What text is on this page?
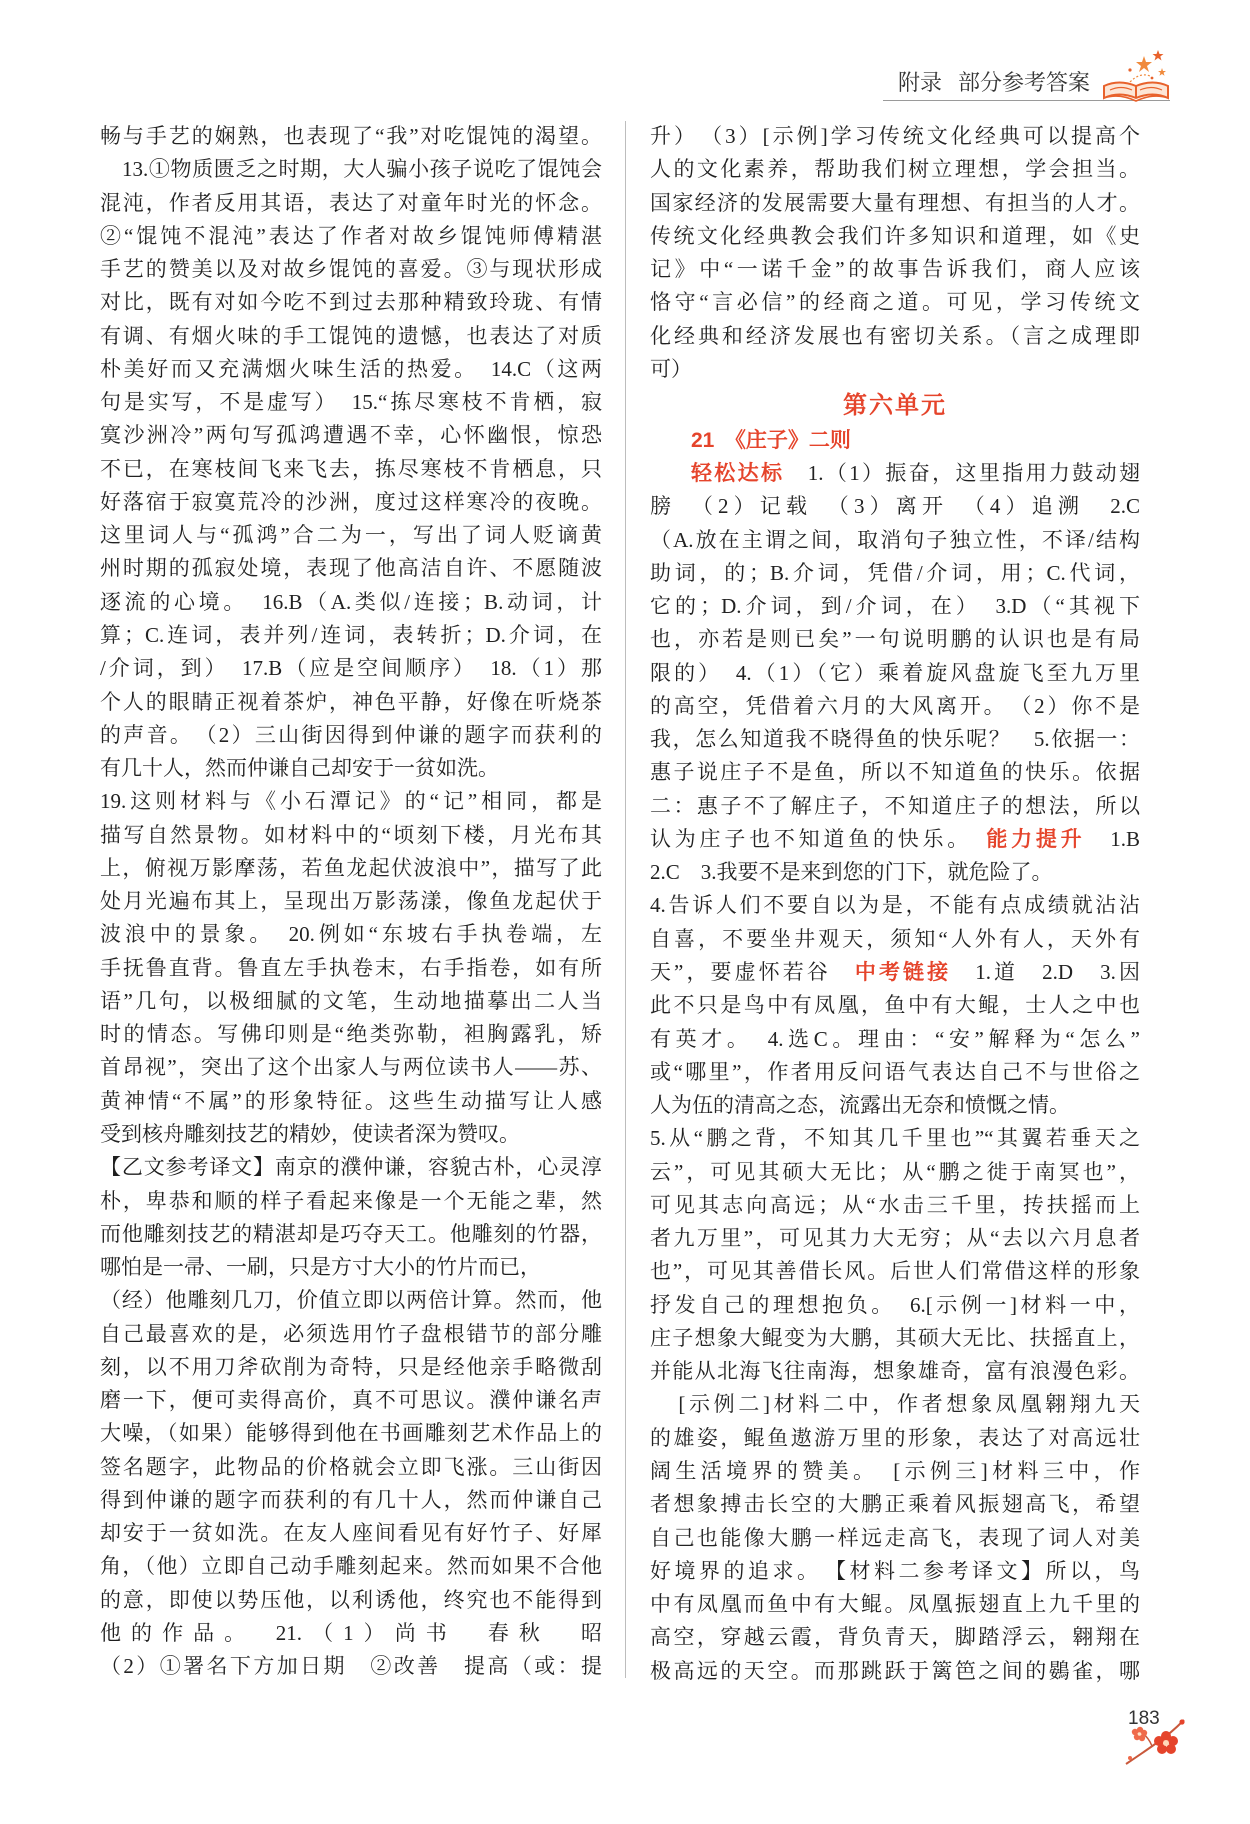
附录 部分参考答案
畅与手艺的娴熟，也表现了“我”对吃馄饨的渴望。
13.①物质匮乏之时期，大人骗小孩子说吃了馄饨会
混沌，作者反用其语，表达了对童年时光的怀念。
②“馄饨不混沌”表达了作者对故乡馄饨师傅精湛
手艺的赞美以及对故乡馄饨的喜爱。③与现状形成
对比，既有对如今吃不到过去那种精致玲珑、有情
有调、有烟火味的手工馄饨的遗憾，也表达了对质
朴美好而又充满烟火味生活的热爱。　14.C（这两
句是实写，不是虚写）　15.“拣尽寒枝不肯栖，寂
寞沙洲冷”两句写孤鸿遭遇不幸，心怀幽恨，惊恐
不已，在寒枝间飞来飞去，拣尽寒枝不肯栖息，只
好落宿于寂寞荒冷的沙洲，度过这样寒冷的夜晚。
这里词人与“孤鸿”合二为一，写出了词人贬谪黄
州时期的孤寂处境，表现了他高洁自许、不愿随波
逐流的心境。　16.B（A.类似/连接；B.动词，计
算；C.连词，表并列/连词，表转折；D.介词，在
/介词，到）　17.B（应是空间顺序）　18.（1）那
个人的眼睛正视着茶炉，神色平静，好像在听烧茶
的声音。　（2）三山街因得到仲谦的题字而获利的
有几十人，然而仲谦自己却安于一贫如洗。
19.这则材料与《小石潭记》的“记”相同，都是
描写自然景物。如材料中的“顷刻下楼，月光布其
上，俯视万影摩荡，若鱼龙起伏波浪中”，描写了此
处月光遍布其上，呈现出万影荡漾，像鱼龙起伏于
波浪中的景象。　20.例如“东坡右手执卷端，左
手抚鲁直背。鲁直左手执卷末，右手指卷，如有所
语”几句，以极细腻的文笔，生动地描摹出二人当
时的情态。写佛印则是“绝类弥勒，袒胸露乳，矫
首昂视”，突出了这个出家人与两位读书人——苏、
黄神情“不属”的形象特征。这些生动描写让人感
受到核舟雕刻技艺的精妙，使读者深为赞叹。
【乙文参考译文】南京的濮仲谦，容貌古朴，心灵淳
朴，卑恭和顺的样子看起来像是一个无能之辈，然
而他雕刻技艺的精湛却是巧夺天工。他雕刻的竹器，
哪怕是一帚、一刷，只是方寸大小的竹片而已，
（经）他雕刻几刀，价值立即以两倍计算。然而，他
自己最喜欢的是，必须选用竹子盘根错节的部分雕
刻，以不用刀斧砍削为奇特，只是经他亲手略微刮
磨一下，便可卖得高价，真不可思议。濮仲谦名声
大噪，（如果）能够得到他在书画雕刻艺术作品上的
签名题字，此物品的价格就会立即飞涨。三山街因
得到仲谦的题字而获利的有几十人，然而仲谦自己
却安于一贫如洗。在友人座间看见有好竹子、好犀
角，（他）立即自己动手雕刻起来。然而如果不合他
的意，即使以势压他，以利诱他，终究也不能得到
他的作品。　21.（1）尚书　春秋　昭
（2）①署名下方加日期　②改善　提高（或：提
升）　（3）[示例]学习传统文化经典可以提高个
人的文化素养，帮助我们树立理想，学会担当。
国家经济的发展需要大量有理想、有担当的人才。
传统文化经典教会我们许多知识和道理，如《史
记》中“一诺千金”的故事告诉我们，商人应该
恪守“言必信”的经商之道。可见，学习传统文
化经典和经济发展也有密切关系。（言之成理即
可）
第六单元
21　《庄子》二则
轻松达标　1.（1）振奋，这里指用力鼓动翅
膀　（2）记载　（3）离开　（4）追溯　2.C
（A.放在主谓之间，取消句子独立性，不译/结构
助词，的；B.介词，凭借/介词，用；C.代词，
它的；D.介词，到/介词，在）　3.D（“其视下
也，亦若是则已矣”一句说明鹏的认识也是有局
限的）　4.（1）（它）乘着旋风盘旋飞至九万里
的高空，凭借着六月的大风离开。　（2）你不是
我，怎么知道我不晓得鱼的快乐呢？　5.依据一：
惠子说庄子不是鱼，所以不知道鱼的快乐。依据
二：惠子不了解庄子，不知道庄子的想法，所以
认为庄子也不知道鱼的快乐。　能力提升　1.B
2.C　3.我要不是来到您的门下，就危险了。
4.告诉人们不要自以为是，不能有点成绩就沾沾
自喜，不要坐井观天，须知“人外有人，天外有
天”，要虚怀若谷　中考链接　1.道　2.D　3.因
此不只是鸟中有凤凰，鱼中有大鲲，士人之中也
有英才。　4.选C。理由：“安”解释为“怎么”
或“哪里”，作者用反问语气表达自己不与世俗之
人为伍的清高之态，流露出无奈和愤慨之情。
5.从“鹏之背，不知其几千里也”“其翼若垂天之
云”，可见其硕大无比；从“鹏之徙于南冥也”，
可见其志向高远；从“水击三千里，抟扶摇而上
者九万里”，可见其力大无穷；从“去以六月息者
也”，可见其善借长风。后世人们常借这样的形象
抒发自己的理想抱负。　6.[示例一]材料一中，
庄子想象大鲲变为大鹏，其硕大无比、扶摇直上，
并能从北海飞往南海，想象雄奇，富有浪漫色彩。
[示例二]材料二中，作者想象凤凰翱翔九天
的雄姿，鲲鱼遨游万里的形象，表达了对高远壮
阔生活境界的赞美。　[示例三]材料三中，作
者想象搏击长空的大鹏正乘着风振翅高飞，希望
自己也能像大鹏一样远走高飞，表现了词人对美
好境界的追求。　【材料二参考译文】所以，鸟
中有凤凰而鱼中有大鲲。凤凰振翅直上九千里的
高空，穿越云霞，背负青天，脚踏浮云，翱翔在
极高远的天空。而那跳跃于篱笆之间的鷃雀，哪
183
